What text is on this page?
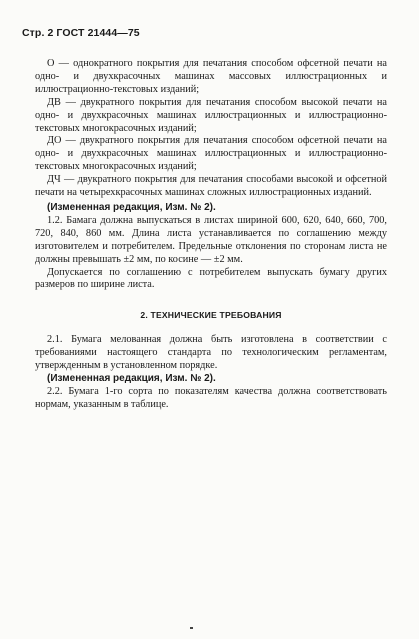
Стр. 2 ГОСТ 21444—75

О — однократного покрытия для печатания способом офсетной печати на одно- и двухкрасочных машинах массовых иллюстрационных и иллюстрационно-текстовых изданий;

ДВ — двукратного покрытия для печатания способом высокой печати на одно- и двухкрасочных машинах иллюстрационных и иллюстрационно-текстовых многокрасочных изданий;

ДО — двукратного покрытия для печатания способом офсетной печати на одно- и двухкрасочных машинах иллюстрационных и иллюстрационно-текстовых многокрасочных изданий;

ДЧ — двукратного покрытия для печатания способами высокой и офсетной печати на четырехкрасочных машинах сложных иллюстрационных изданий.

(Измененная редакция, Изм. № 2).

1.2. Бамага должна выпускаться в листах шириной 600, 620, 640, 660, 700, 720, 840, 860 мм. Длина листа устанавливается по соглашению между изготовителем и потребителем. Предельные отклонения по сторонам листа не должны превышать ±2 мм, по косине — ±2 мм.

Допускается по соглашению с потребителем выпускать бумагу других размеров по ширине листа.

2. ТЕХНИЧЕСКИЕ ТРЕБОВАНИЯ

2.1. Бумага мелованная должна быть изготовлена в соответствии с требованиями настоящего стандарта по технологическим регламентам, утвержденным в установленном порядке.

(Измененная редакция, Изм. № 2).

2.2. Бумага 1-го сорта по показателям качества должна соответствовать нормам, указанным в таблице.
